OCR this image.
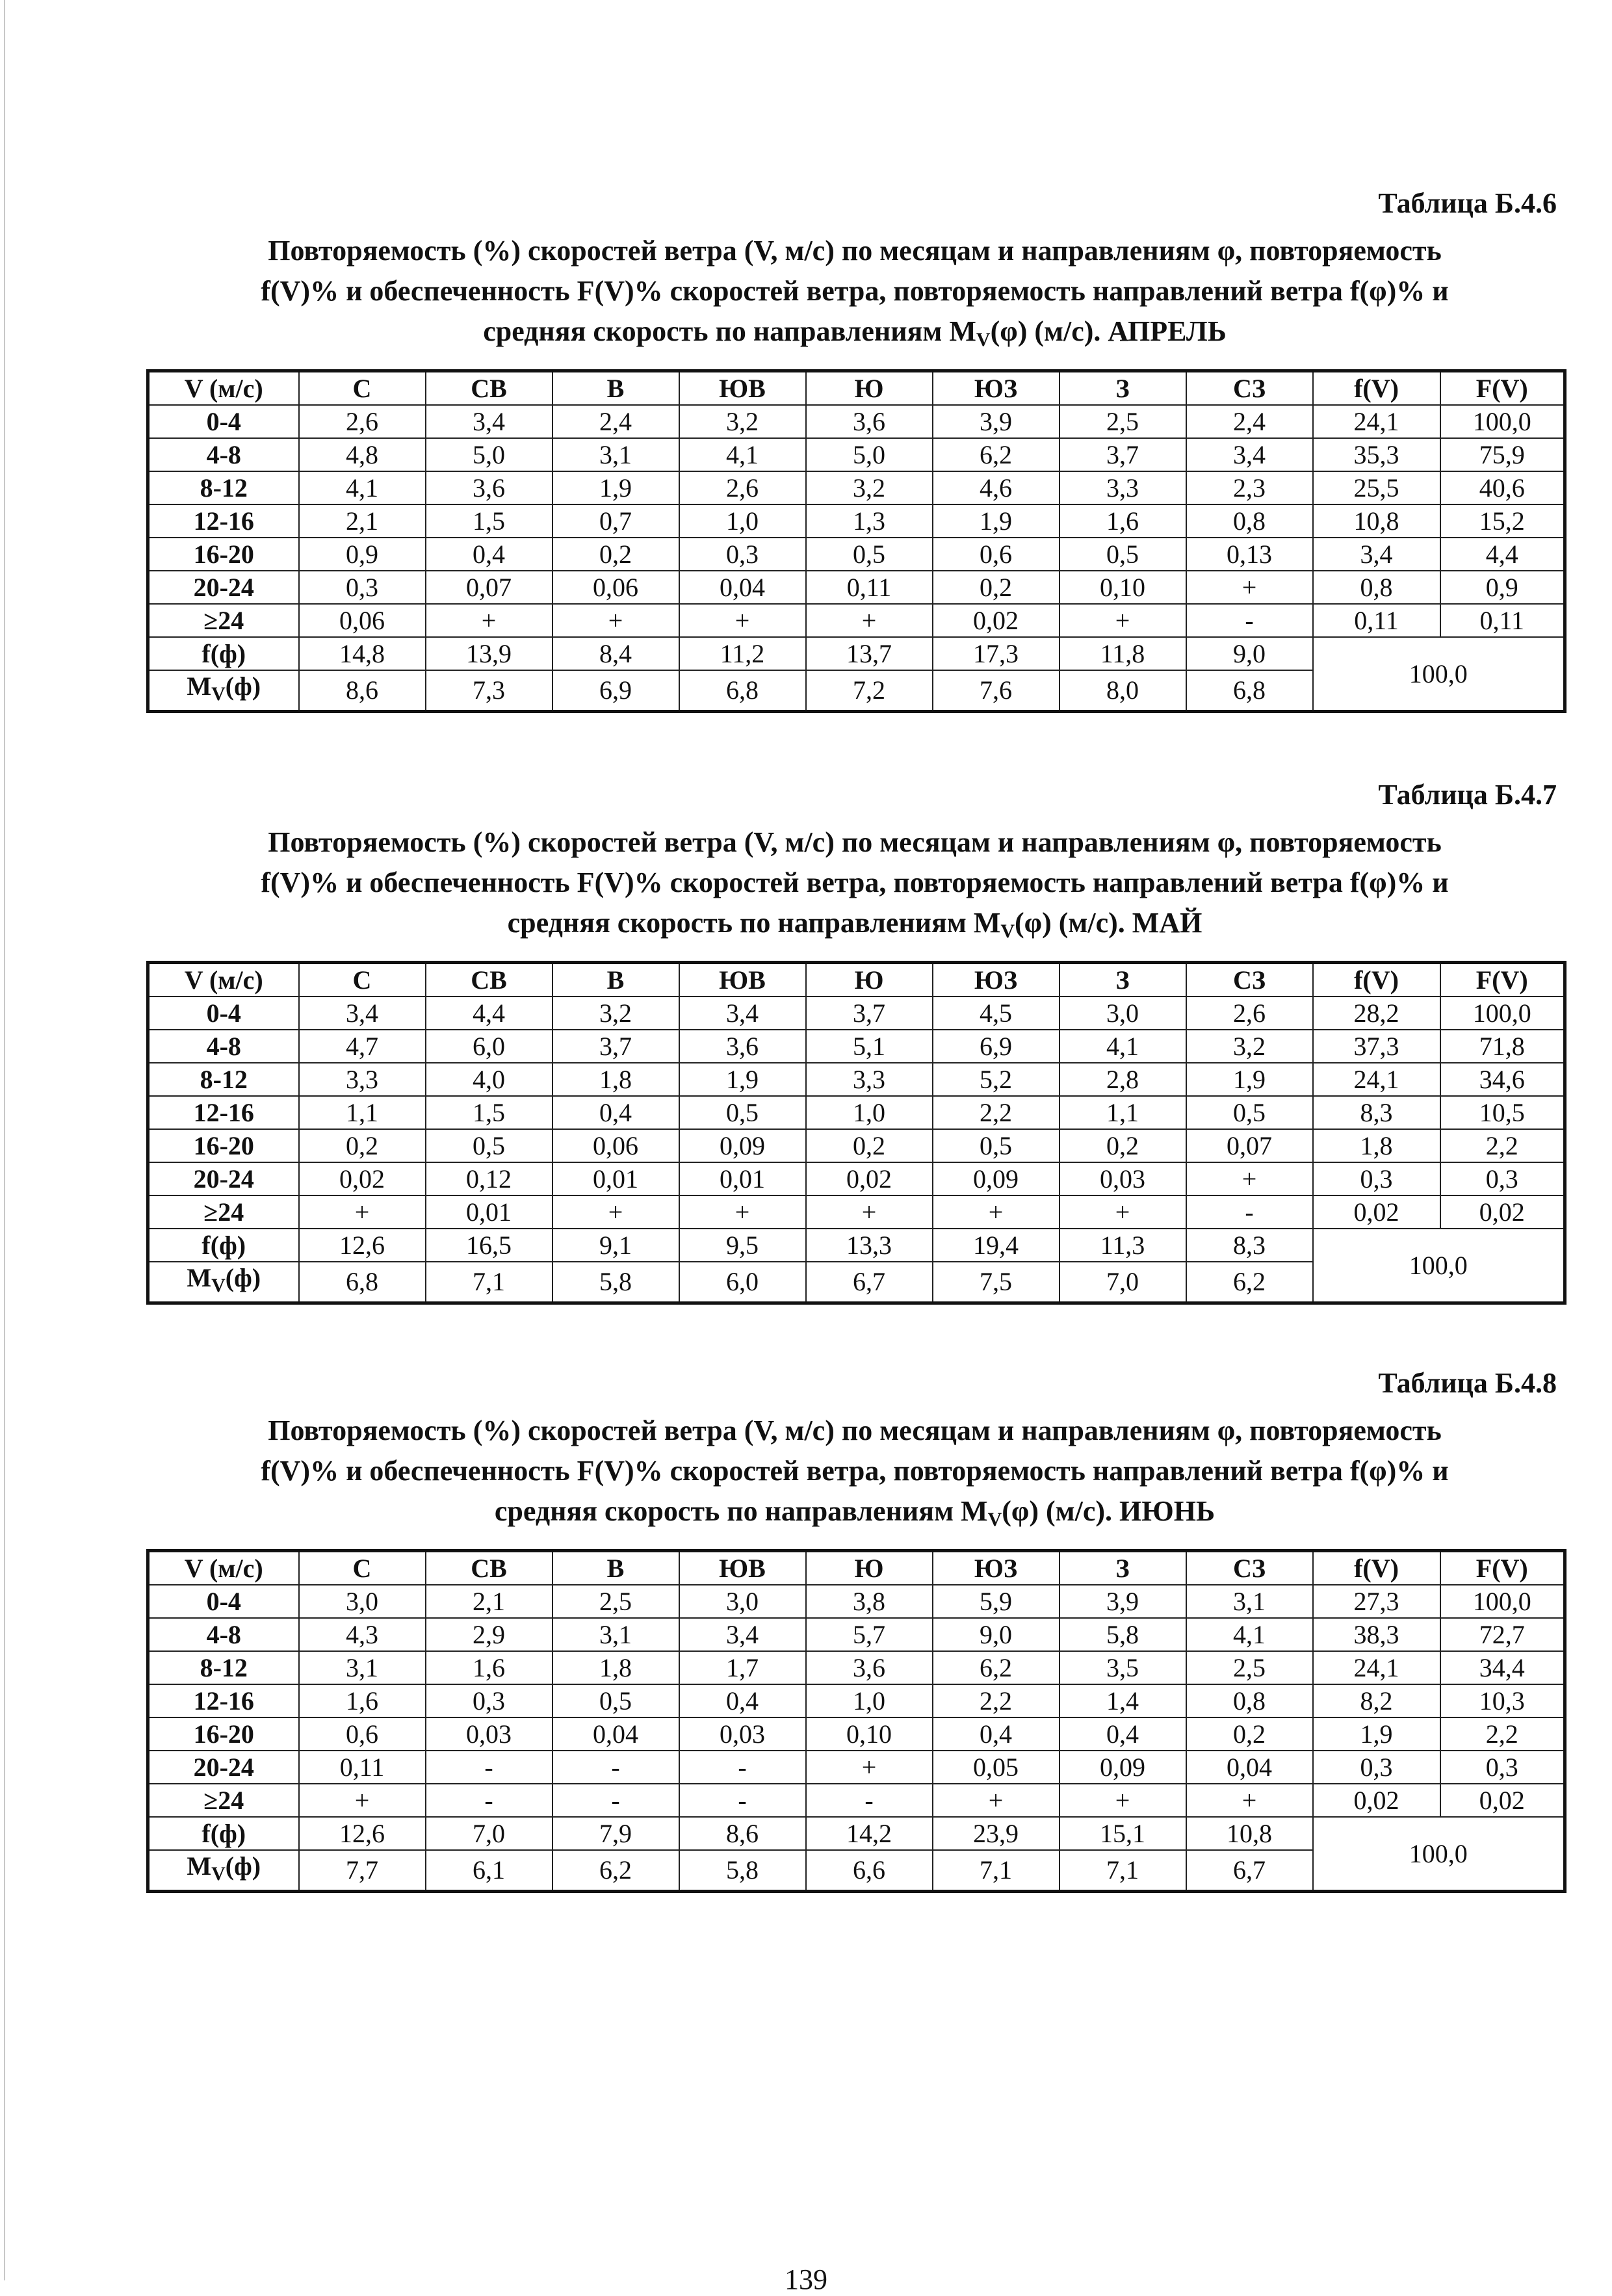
Таблица Б.4.6
Повторяемость (%) скоростей ветра (V, м/с) по месяцам и направлениям φ, повторяемость
f(V)% и обеспеченность F(V)% скоростей ветра, повторяемость направлений ветра f(φ)% и
средняя скорость по направлениям $M_V(\varphi)$ (м/с). АПРЕЛЬ
V (м/с)	С	СВ	В	ЮВ	Ю	ЮЗ	З	СЗ	f(V)	F(V)
0-4	2,6	3,4	2,4	3,2	3,6	3,9	2,5	2,4	24,1	100,0
4-8	4,8	5,0	3,1	4,1	5,0	6,2	3,7	3,4	35,3	75,9
8-12	4,1	3,6	1,9	2,6	3,2	4,6	3,3	2,3	25,5	40,6
12-16	2,1	1,5	0,7	1,0	1,3	1,9	1,6	0,8	10,8	15,2
16-20	0,9	0,4	0,2	0,3	0,5	0,6	0,5	0,13	3,4	4,4
20-24	0,3	0,07	0,06	0,04	0,11	0,2	0,10	+	0,8	0,9
≥24	0,06	+	+	+	+	0,02	+	-	0,11	0,11
f(ф)	14,8	13,9	8,4	11,2	13,7	17,3	11,8	9,0	100,0	
$M_V(ф)$	8,6	7,3	6,9	6,8	7,2	7,6	8,0	6,8		
Таблица Б.4.7
Повторяемость (%) скоростей ветра (V, м/с) по месяцам и направлениям φ, повторяемость
f(V)% и обеспеченность F(V)% скоростей ветра, повторяемость направлений ветра f(φ)% и
средняя скорость по направлениям $M_V(\varphi)$ (м/с). МАЙ
V (м/с)	С	СВ	В	ЮВ	Ю	ЮЗ	З	СЗ	f(V)	F(V)
0-4	3,4	4,4	3,2	3,4	3,7	4,5	3,0	2,6	28,2	100,0
4-8	4,7	6,0	3,7	3,6	5,1	6,9	4,1	3,2	37,3	71,8
8-12	3,3	4,0	1,8	1,9	3,3	5,2	2,8	1,9	24,1	34,6
12-16	1,1	1,5	0,4	0,5	1,0	2,2	1,1	0,5	8,3	10,5
16-20	0,2	0,5	0,06	0,09	0,2	0,5	0,2	0,07	1,8	2,2
20-24	0,02	0,12	0,01	0,01	0,02	0,09	0,03	+	0,3	0,3
≥24	+	0,01	+	+	+	+	+	-	0,02	0,02
f(ф)	12,6	16,5	9,1	9,5	13,3	19,4	11,3	8,3	100,0	
$M_V(ф)$	6,8	7,1	5,8	6,0	6,7	7,5	7,0	6,2		
Таблица Б.4.8
Повторяемость (%) скоростей ветра (V, м/с) по месяцам и направлениям φ, повторяемость
f(V)% и обеспеченность F(V)% скоростей ветра, повторяемость направлений ветра f(φ)% и
средняя скорость по направлениям $M_V(\varphi)$ (м/с). ИЮНЬ
V (м/с)	С	СВ	В	ЮВ	Ю	ЮЗ	З	СЗ	f(V)	F(V)
0-4	3,0	2,1	2,5	3,0	3,8	5,9	3,9	3,1	27,3	100,0
4-8	4,3	2,9	3,1	3,4	5,7	9,0	5,8	4,1	38,3	72,7
8-12	3,1	1,6	1,8	1,7	3,6	6,2	3,5	2,5	24,1	34,4
12-16	1,6	0,3	0,5	0,4	1,0	2,2	1,4	0,8	8,2	10,3
16-20	0,6	0,03	0,04	0,03	0,10	0,4	0,4	0,2	1,9	2,2
20-24	0,11	-	-	-	+	0,05	0,09	0,04	0,3	0,3
≥24	+	-	-	-	-	+	+	+	0,02	0,02
f(ф)	12,6	7,0	7,9	8,6	14,2	23,9	15,1	10,8	100,0	
$M_V(ф)$	7,7	6,1	6,2	5,8	6,6	7,1	7,1	6,7		
139
